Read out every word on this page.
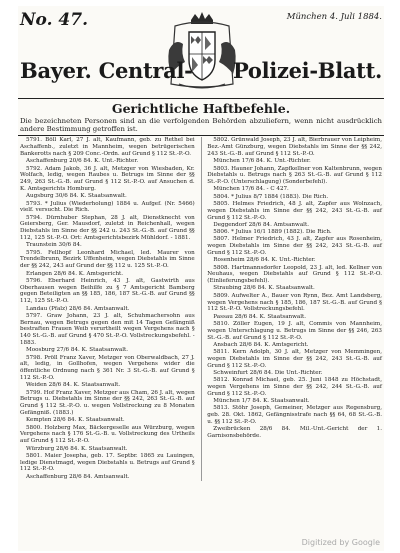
No. 47.	München 4. Juli 1884.
Bayer. Central- Polizei-Blatt.
Gerichtliche Haftbefehle.
Die bezeichneten Personen sind an die verfolgenden Behörden abzuliefern, wenn nicht ausdrücklich andere Bestimmung getroffen ist.

5791. Böll Karl, 27 J. alt, Kaufmann, geb. zu Rethel bei Aschaffenb., zuletzt in Mannheim, wegen betrügerischen Bankerotts nach § 209 Conc.-Ordn. auf Grund § 112 St.-P.-O.

Aschaffenburg 20/6 84. K. Unt.-Richter.

5792. Adam Jakob, 36 J. alt, Metzger von Wiesbaden, Kr. Wolfach, ledig, wegen Raubes u. Betrugs im Sinne der §§ 249, 263 St.-G.-B. auf Grund § 112 St.-P.-O. auf Ansuchen d. K. Amtsgerichts Homburg.

Augsburg 30/6 84. K. Staatsanwalt.

5793. * Julius (Wiederholung) 1884 u. Aufgef. (Nr. 5466) vielf. versucht. Die Rich.

5794. Dürnhuber Stephan, 28 J. alt, Dienstknecht von Geiersberg, Ger. Mausdorf, zuletzt in Reichenhall, wegen Diebstahls im Sinne der §§ 242 u. 243 St.-G.-B. auf Grund §§ 112, 125 St.-P.-O. Ort: Amtsgerichtsbezirk Mühldorf. - 1881.

Traunstein 30/6 84.

5795. Fellhopf Leonhard Michael, led. Maurer von Trendelbrunn, Bezirk Uffenheim, wegen Diebstahls im Sinne der §§ 242, 243 auf Grund der §§ 112 u. 125 St.-P.-O.

Erlangen 28/6 84. K. Amtsgericht.

5796. Eberhard Heinrich, 43 J. alt, Gastwirth aus Oberhausen wegen Beihilfe zu § 7 Amtsgericht Bamberg gegen Beteiligten an §§ 185, 186, 187 St.-G.-B. auf Grund §§ 112, 125 St.-P.-O.

Landau (Pfalz) 28/6 84. Amtsanwalt.

5797. Graw Johann, 23 J. alt, Schuhmachersohn aus Bernau, wegen Betrugs gegen den mit 14 Tagen Gefängniß bestraften Frauen Weib verurtheilt wegen Vergehens nach § 140 St.-G.-B. auf Grund § 470 St.-P.-O. Vollstreckungsbefehl. - 1883.

Moosburg 27/6 84. K. Staatsanwalt.

5798. Pröll Franz Xaver, Metzger von Oberwaldbach, 27 J. alt, ledig, in Gollhofen, wegen Vergehens wider die öffentliche Ordnung nach § 361 Nr. 3 St.-G.-B. auf Grund § 112 St.-P.-O.

Weiden 28/6 84. K. Staatsanwalt.

5799. Hof Franz Xaver, Metzger aus Cham, 26 J. alt, wegen Betrugs u. Diebstahls im Sinne der §§ 242, 263 St.-G.-B. auf Grund § 112 St.-P.-O. u. wegen Vollstreckung zu 8 Monaten Gefängniß. (1883.)

Kempten 28/6 84. K. Staatsanwalt.

5800. Holzberg Max, Bäckergeselle aus Würzburg, wegen Vergehens nach § 176 St.-G.-B. u. Vollstreckung des Urtheils auf Grund § 112 St.-P.-O.

Würzburg 28/6 84. K. Staatsanwalt.

5801. Maier Josepha, geb. 17. Septbr. 1865 zu Lauingen, ledige Dienstmagd, wegen Diebstahls u. Betrugs auf Grund § 112 St.-P.-O.

Aschaffenburg 28/6 84. Amtsanwalt.

5802. Grünwald Joseph, 23 J. alt, Bierbrauer von Leipheim, Bez.-Amt Günzburg, wegen Diebstahls im Sinne der §§ 242, 243 St.-G.-B. auf Grund § 112 St.-P.-O.

München 17/6 84. K. Unt.-Richter.

5803. Hauner Johann, Zapfkellner von Kaltenbrunn, wegen Diebstahls u. Betrugs nach § 263 St.-G.-B. auf Grund § 112 St.-P.-O. (Unterschlagung) (Sonderbefehl).

München 17/6 84. - C 427.

5804. * Julius 8/7 1884 (1883). Die Rich.

5805. Helmes Friedrich, 48 J. alt, Zapfer aus Wolnzach, wegen Diebstahls im Sinne der §§ 242, 243 St.-G.-B. auf Grund § 112 St.-P.-O.

Deggendorf 28/6 84. Amtsanwalt.

5806. * Julius 16/1 1889 (1882). Die Rich.

5807. Helmer Friedrich, 43 J. alt, Zapfer aus Rosenheim, wegen Diebstahls im Sinne der §§ 242, 243 St.-G.-B. auf Grund § 112 St.-P.-O.

Rosenheim 28/6 84. K. Unt.-Richter.

5808. Hartmannsdorfer Leopold, 23 J. alt, led. Kellner von Neuhaus, wegen Diebstahls auf Grund § 112 St.-P.-O. (Einlieferungsbefehl).

Straubing 28/6 84. K. Staatsanwalt.

5809. Aufwelter A., Bauer von Rynn, Bez. Amt Landsberg, wegen Vergehens nach § 185, 186, 187 St.-G.-B. auf Grund § 112 St.-P.-O. Vollstreckungsbefehl.

Passau 28/6 84. K. Staatsanwalt.

5810. Zöller Eugen, 19 J. alt, Commis von Mannheim, wegen Unterschlagung u. Betrugs im Sinne der §§ 246, 263 St.-G.-B. auf Grund § 112 St.-P.-O.

Ansbach 28/6 84. K. Amtsgericht.

5811. Kern Adolph, 30 J. alt, Metzger von Memmingen, wegen Diebstahls im Sinne der §§ 242, 243 St.-G.-B. auf Grund § 112 St.-P.-O.

Schweinfurt 28/6 84. Die Unt.-Richter.

5812. Konrad Michael, geb. 25. Juni 1848 zu Höchstadt, wegen Vergehens im Sinne der §§ 242, 244 St.-G.-B. auf Grund § 112 St.-P.-O.

München 1/7 84. K. Staatsanwalt.

5813. Stöhr Joseph, Gemeiner, Metzger aus Regensburg, geb. 28. Okt. 1862, Gefängnisstrafe nach §§ 64, 68 St.-G.-B. u. §§ 112 St.-P.-O.

Zweibrücken 28/6 84. Mil.-Unt.-Gericht der 1. Garnisonsbehörde.

Digitized by Google
